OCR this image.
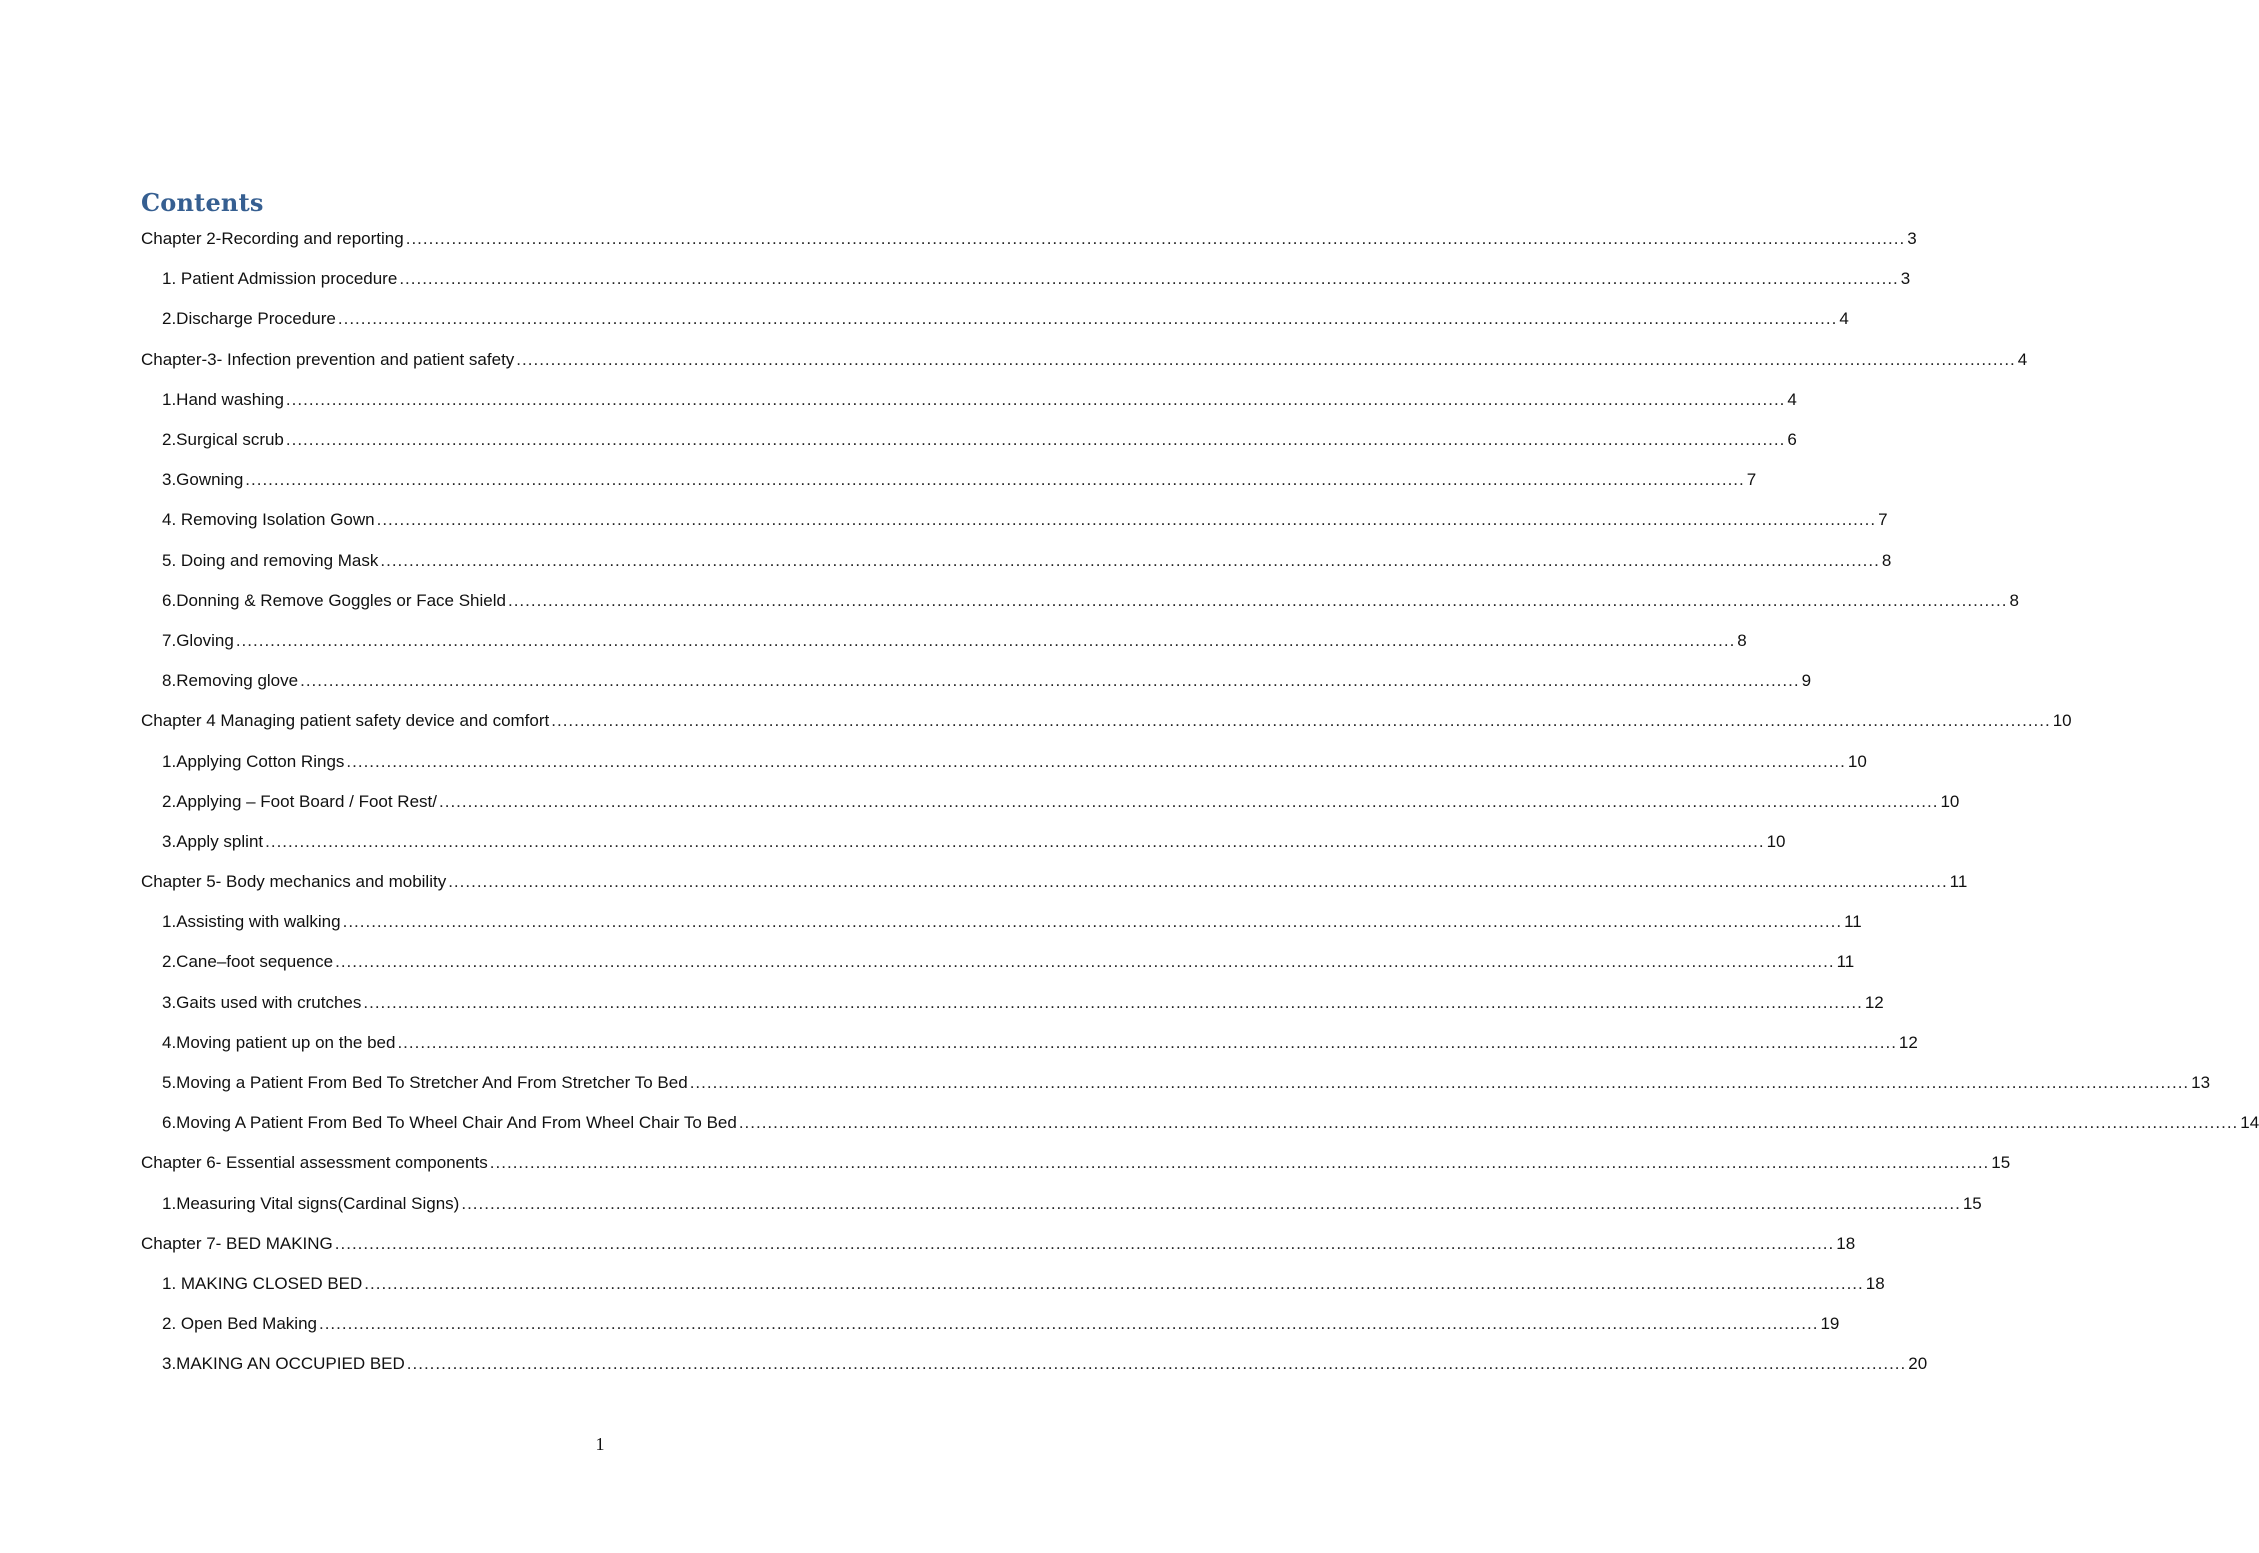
Contents
Chapter 2-Recording and reporting .....	3
1. Patient Admission procedure .....	3
2.Discharge Procedure .....	4
Chapter-3- Infection prevention and patient safety .....	4
1.Hand washing .....	4
2.Surgical scrub .....	6
3.Gowning .....	7
4. Removing Isolation Gown .....	7
5. Doing and removing Mask .....	8
6. Donning & Remove Goggles or Face Shield .....	8
7. Gloving .....	8
8. Removing glove .....	9
Chapter 4 Managing patient safety device and comfort .....	10
1. Applying Cotton Rings .....	10
2. Applying – Foot Board / Foot Rest/ .....	10
3. Apply splint .....	10
Chapter 5- Body mechanics and mobility .....	11
1. Assisting with walking .....	11
2.Cane–foot sequence .....	11
3.Gaits used with crutches .....	12
4.Moving patient up on the bed .....	12
5.Moving a Patient From Bed To Stretcher And From Stretcher To Bed .....	13
6.Moving A Patient From Bed To Wheel Chair And From Wheel Chair To Bed .....	14
Chapter 6- Essential assessment components .....	15
1. Measuring Vital signs(Cardinal Signs) .....	15
Chapter 7- BED MAKING .....	18
1. MAKING CLOSED BED .....	18
2. Open Bed Making .....	19
3.MAKING AN OCCUPIED BED .....	20

1
